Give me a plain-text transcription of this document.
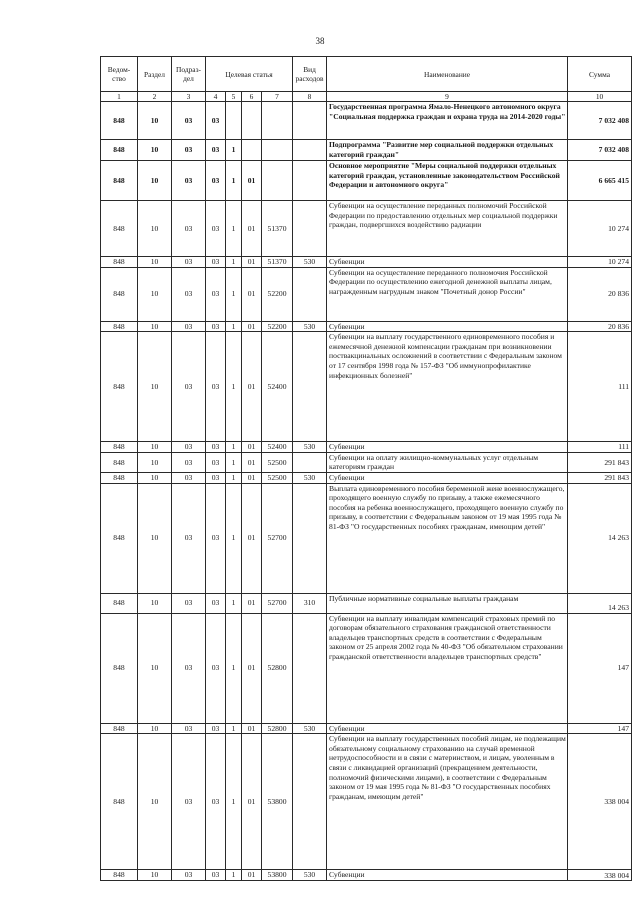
38
Ведом-ство	Раздел	Подраз-дел	Целевая статья				Вид расходов	Наименование	Сумма
1	2	3	4	5	6	7	8	9	10
848	10	03	03					Государственная программа Ямало-Ненецкого автономного округа "Социальная поддержка граждан и охрана труда на 2014-2020 годы"	7 032 408
848	10	03	03	1				Подпрограмма "Развитие мер социальной поддержки отдельных категорий граждан"	7 032 408
848	10	03	03	1	01			Основное мероприятие "Меры социальной поддержки отдельных категорий граждан, установленные законодательством Российской Федерации и автономного округа"	6 665 415
848	10	03	03	1	01	51370		Субвенции на осуществление переданных полномочий Российской Федерации по предоставлению отдельных мер социальной поддержки граждан, подвергшихся воздействию радиации	10 274
848	10	03	03	1	01	51370	530	Субвенции	10 274
848	10	03	03	1	01	52200		Субвенции на осуществление переданного полномочия Российской Федерации по осуществлению ежегодной денежной выплаты лицам, награжденным нагрудным знаком "Почетный донор России"	20 836
848	10	03	03	1	01	52200	530	Субвенции	20 836
848	10	03	03	1	01	52400		Субвенции на выплату государственного единовременного пособия и ежемесячной денежной компенсации гражданам при возникновении поствакцинальных осложнений в соответствии с Федеральным законом от 17 сентября 1998 года № 157-ФЗ "Об иммунопрофилактике инфекционных болезней"	111
848	10	03	03	1	01	52400	530	Субвенции	111
848	10	03	03	1	01	52500		Субвенции на оплату жилищно-коммунальных услуг отдельным категориям граждан	291 843
848	10	03	03	1	01	52500	530	Субвенции	291 843
848	10	03	03	1	01	52700		Выплата единовременного пособия беременной жене военнослужащего, проходящего военную службу по призыву, а также ежемесячного пособия на ребенка военнослужащего, проходящего военную службу по призыву, в соответствии с Федеральным законом от 19 мая 1995 года № 81-ФЗ "О государственных пособиях гражданам, имеющим детей"	14 263
848	10	03	03	1	01	52700	310	Публичные нормативные социальные выплаты гражданам	14 263
848	10	03	03	1	01	52800		Субвенции на выплату инвалидам компенсаций страховых премий по договорам обязательного страхования гражданской ответственности владельцев транспортных средств в соответствии с Федеральным законом от 25 апреля 2002 года № 40-ФЗ "Об обязательном страховании гражданской ответственности владельцев транспортных средств"	147
848	10	03	03	1	01	52800	530	Субвенции	147
848	10	03	03	1	01	53800		Субвенции на выплату государственных пособий лицам, не подлежащим обязательному социальному страхованию на случай временной нетрудоспособности и в связи с материнством, и лицам, уволенным в связи с ликвидацией организаций (прекращением деятельности, полномочий физическими лицами), в соответствии с Федеральным законом от 19 мая 1995 года № 81-ФЗ "О государственных пособиях гражданам, имеющим детей"	338 004
848	10	03	03	1	01	53800	530	Субвенции	338 004
